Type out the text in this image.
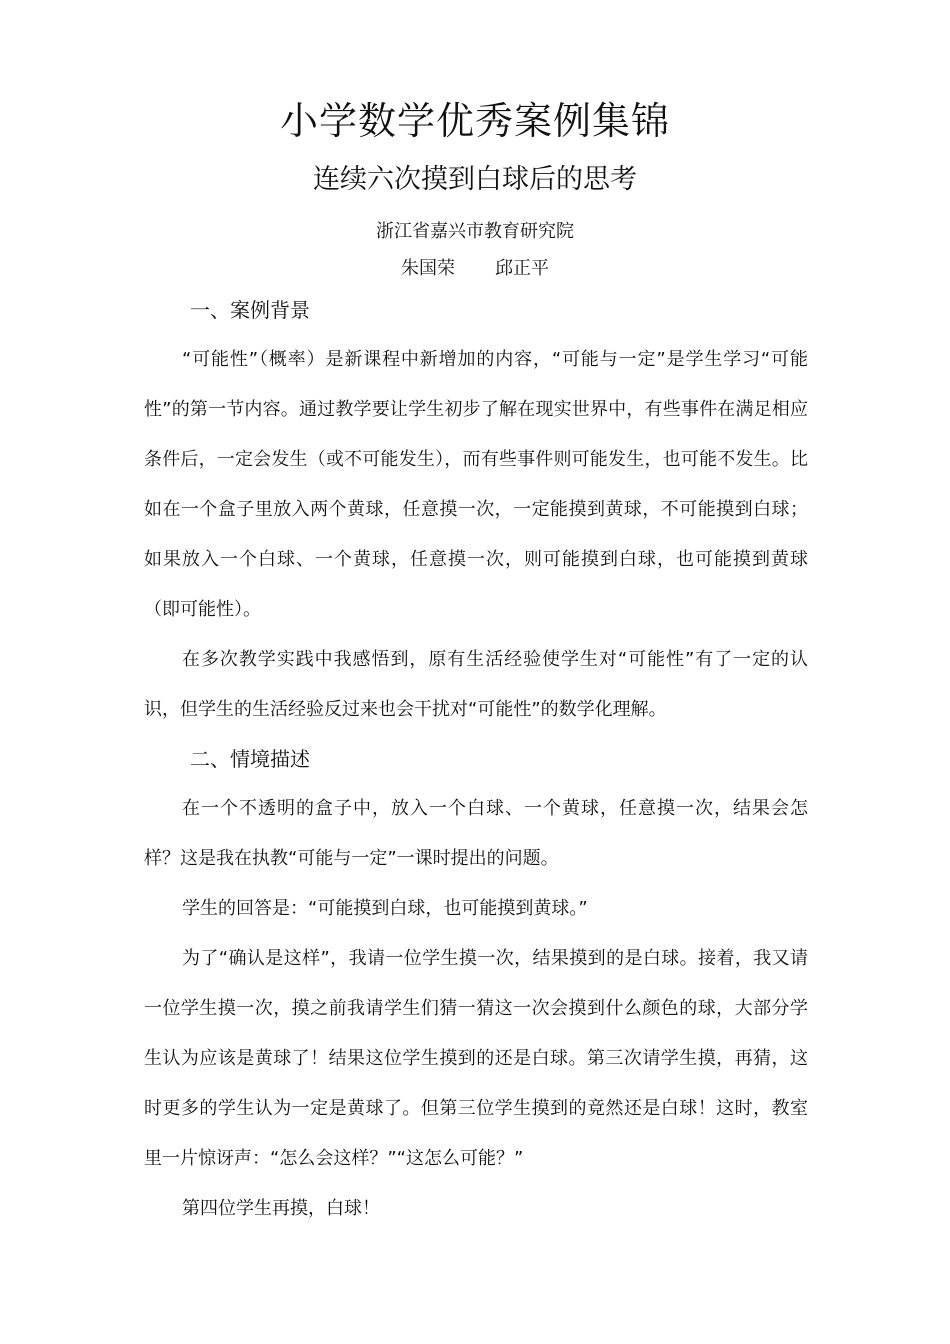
小学数学优秀案例集锦
连续六次摸到白球后的思考
浙江省嘉兴市教育研究院
朱国荣 邱正平
一、案例背景

“可能性”（概率）是新课程中新增加的内容，“可能与一定”是学生学习“可能性”的第一节内容。通过教学要让学生初步了解在现实世界中，有些事件在满足相应条件后，一定会发生（或不可能发生），而有些事件则可能发生，也可能不发生。比如在一个盒子里放入两个黄球，任意摸一次，一定能摸到黄球，不可能摸到白球；如果放入一个白球、一个黄球，任意摸一次，则可能摸到白球，也可能摸到黄球（即可能性）。

在多次教学实践中我感悟到，原有生活经验使学生对“可能性”有了一定的认识，但学生的生活经验反过来也会干扰对“可能性”的数学化理解。

二、情境描述

在一个不透明的盒子中，放入一个白球、一个黄球，任意摸一次，结果会怎样？这是我在执教“可能与一定”一课时提出的问题。

学生的回答是：“可能摸到白球，也可能摸到黄球。”

为了“确认是这样”，我请一位学生摸一次，结果摸到的是白球。接着，我又请一位学生摸一次，摸之前我请学生们猜一猜这一次会摸到什么颜色的球，大部分学生认为应该是黄球了！结果这位学生摸到的还是白球。第三次请学生摸，再猜，这时更多的学生认为一定是黄球了。但第三位学生摸到的竟然还是白球！这时，教室里一片惊讶声：“怎么会这样？”“这怎么可能？”

第四位学生再摸，白球！
